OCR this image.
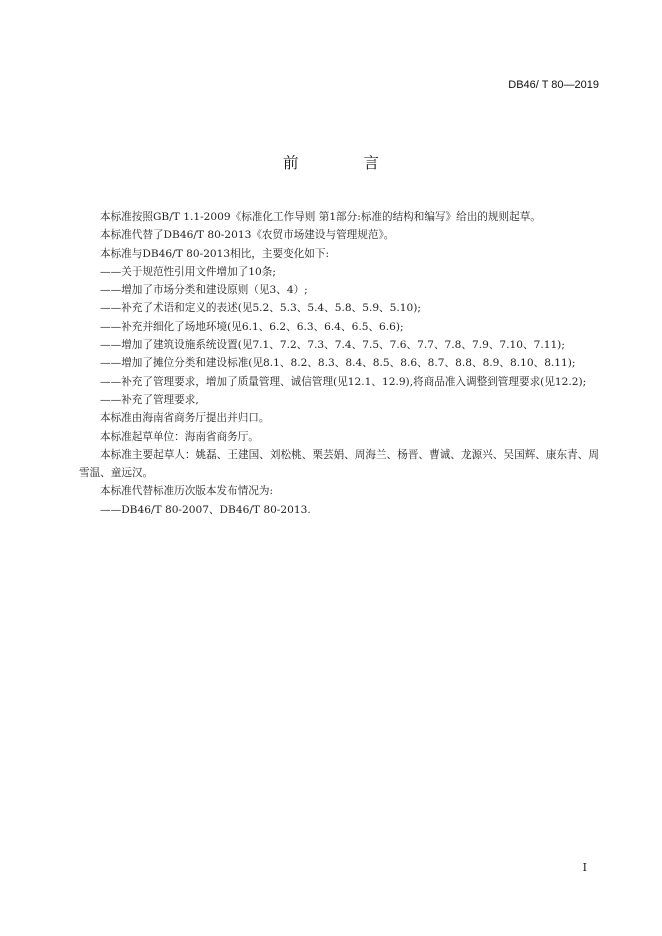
DB46/ T 80—2019
前 言

本标准按照GB/T 1.1-2009《标准化工作导则 第1部分:标准的结构和编写》给出的规则起草。

本标准代替了DB46/T 80-2013《农贸市场建设与管理规范》。

本标准与DB46/T 80-2013相比，主要变化如下:

——关于规范性引用文件增加了10条;

——增加了市场分类和建设原则（见3、4）;

——补充了术语和定义的表述(见5.2、5.3、5.4、5.8、5.9、5.10);

——补充并细化了场地环境(见6.1、6.2、6.3、6.4、6.5、6.6);

——增加了建筑设施系统设置(见7.1、7.2、7.3、7.4、7.5、7.6、7.7、7.8、7.9、7.10、7.11);

——增加了摊位分类和建设标准(见8.1、8.2、8.3、8.4、8.5、8.6、8.7、8.8、8.9、8.10、8.11);

——补充了管理要求，增加了质量管理、诚信管理(见12.1、12.9),将商品准入调整到管理要求(见12.2);

——补充了管理要求,

本标准由海南省商务厅提出并归口。

本标准起草单位：海南省商务厅。

本标准主要起草人：姚磊、王建国、刘松桃、栗芸娟、周海兰、杨晋、曹诚、龙源兴、吴国辉、康东青、周雪温、童远汉。

本标准代替标准历次版本发布情况为:

——DB46/T 80-2007、DB46/T 80-2013.

I
